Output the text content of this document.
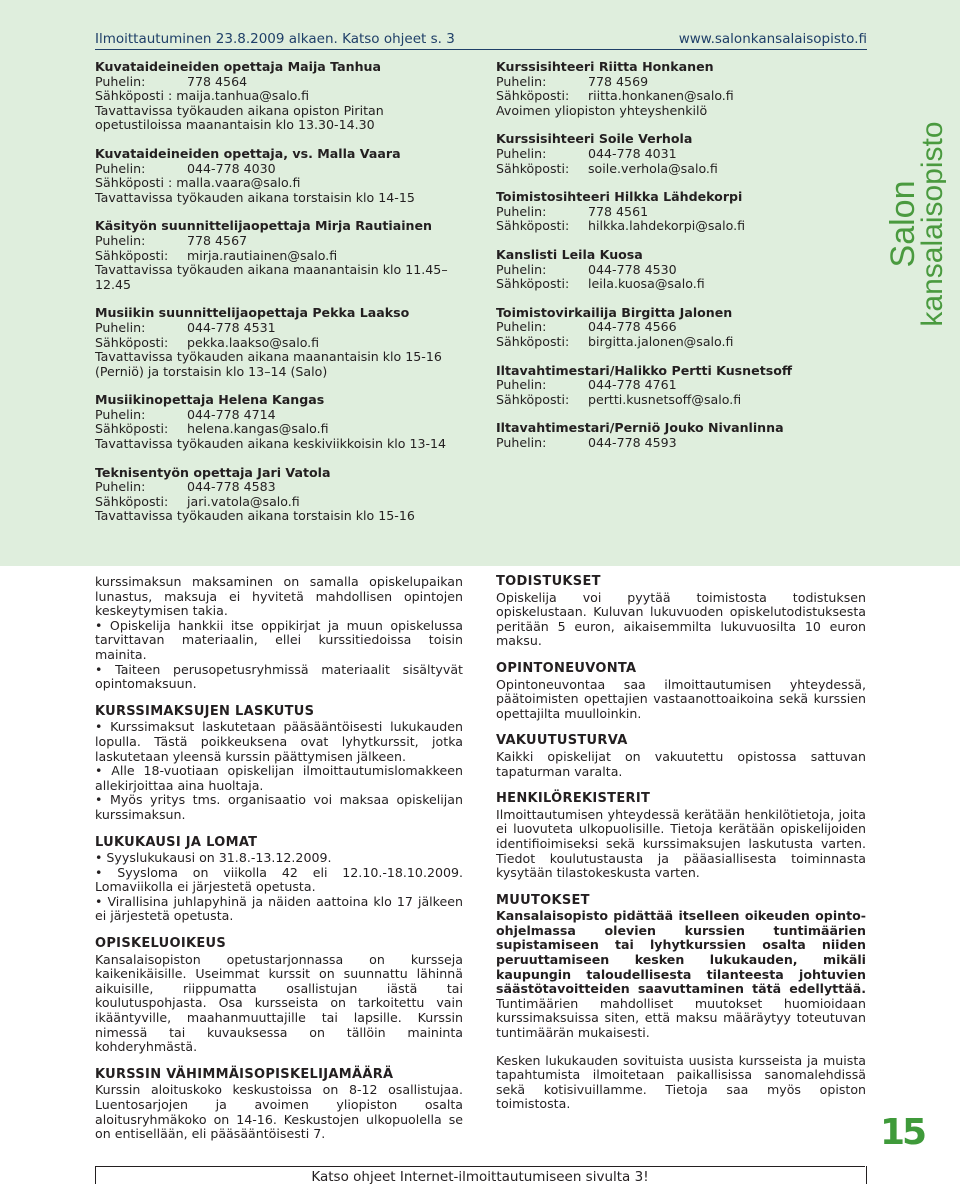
Ilmoittautuminen 23.8.2009 alkaen. Katso ohjeet s. 3	www.salonkansalaisopisto.fi
Kuvataideineiden opettaja Maija Tanhua
Puhelin:	778 4564
Sähköposti : maija.tanhua@salo.fi
Tavattavissa työkauden aikana opiston Piritan opetustiloissa maanantaisin klo 13.30-14.30
Kuvataideineiden opettaja, vs. Malla Vaara
Puhelin:	044-778 4030
Sähköposti : malla.vaara@salo.fi
Tavattavissa työkauden aikana torstaisin klo 14-15
Käsityön suunnittelijaopettaja Mirja Rautiainen
Puhelin:	778 4567
Sähköposti: mirja.rautiainen@salo.fi
Tavattavissa työkauden aikana maanantaisin klo 11.45–12.45
Musiikin suunnittelijaopettaja Pekka Laakso
Puhelin:	044-778 4531
Sähköposti: pekka.laakso@salo.fi
Tavattavissa työkauden aikana maanantaisin klo 15-16 (Perniö) ja torstaisin klo 13–14 (Salo)
Musiikinopettaja Helena Kangas
Puhelin:	044-778 4714
Sähköposti: helena.kangas@salo.fi
Tavattavissa työkauden aikana keskiviikkoisin klo 13-14
Teknisentyön opettaja Jari Vatola
Puhelin:	044-778 4583
Sähköposti: jari.vatola@salo.fi
Tavattavissa työkauden aikana torstaisin klo 15-16
Kurssisihteeri Riitta Honkanen
Puhelin:	778 4569
Sähköposti: riitta.honkanen@salo.fi
Avoimen yliopiston yhteyshenkilö
Kurssisihteeri Soile Verhola
Puhelin:	044-778 4031
Sähköposti: soile.verhola@salo.fi
Toimistosihteeri Hilkka Lähdekorpi
Puhelin:	778 4561
Sähköposti: hilkka.lahdekorpi@salo.fi
Kanslisti Leila Kuosa
Puhelin:	044-778 4530
Sähköposti: leila.kuosa@salo.fi
Toimistovirkailija Birgitta Jalonen
Puhelin:	044-778 4566
Sähköposti: birgitta.jalonen@salo.fi
Iltavahtimestari/Halikko Pertti Kusnetsoff
Puhelin:	044-778 4761
Sähköposti: pertti.kusnetsoff@salo.fi
Iltavahtimestari/Perniö Jouko Nivanlinna
Puhelin:	044-778 4593
Salon
kansalaisopisto

kurssimaksun maksaminen on samalla opiskelupaikan lunastus, maksuja ei hyvitetä mahdollisen opintojen keskeytymisen takia.

• Opiskelija hankkii itse oppikirjat ja muun opiskelussa tarvittavan materiaalin, ellei kurssitiedoissa toisin mainita.

• Taiteen perusopetusryhmissä materiaalit sisältyvät opintomaksuun.

KURSSIMAKSUJEN LASKUTUS

• Kurssimaksut laskutetaan pääsääntöisesti lukukauden lopulla. Tästä poikkeuksena ovat lyhytkurssit, jotka laskutetaan yleensä kurssin päättymisen jälkeen.

• Alle 18-vuotiaan opiskelijan ilmoittautumislomakkeen allekirjoittaa aina huoltaja.

• Myös yritys tms. organisaatio voi maksaa opiskelijan kurssimaksun.

LUKUKAUSI JA LOMAT

• Syyslukukausi on 31.8.-13.12.2009.

• Syysloma on viikolla 42 eli 12.10.-18.10.2009. Lomaviikolla ei järjestetä opetusta.

• Virallisina juhlapyhinä ja näiden aattoina klo 17 jälkeen ei järjestetä opetusta.

OPISKELUOIKEUS

Kansalaisopiston opetustarjonnassa on kursseja kaikenikäisille. Useimmat kurssit on suunnattu lähinnä aikuisille, riippumatta osallistujan iästä tai koulutuspohjasta. Osa kursseista on tarkoitettu vain ikääntyville, maahanmuuttajille tai lapsille. Kurssin nimessä tai kuvauksessa on tällöin maininta kohderyhmästä.

KURSSIN VÄHIMMÄISOPISKELIJAMÄÄRÄ

Kurssin aloituskoko keskustoissa on 8-12 osallistujaa. Luentosarjojen ja avoimen yliopiston osalta aloitusryhmäkoko on 14-16. Keskustojen ulkopuolella se on entisellään, eli pääsääntöisesti 7.

TODISTUKSET

Opiskelija voi pyytää toimistosta todistuksen opiskelustaan. Kuluvan lukuvuoden opiskelutodistuksesta peritään 5 euron, aikaisemmilta lukuvuosilta 10 euron maksu.

OPINTONEUVONTA

Opintoneuvontaa saa ilmoittautumisen yhteydessä, päätoimisten opettajien vastaanottoaikoina sekä kurssien opettajilta muulloinkin.

VAKUUTUSTURVA

Kaikki opiskelijat on vakuutettu opistossa sattuvan tapaturman varalta.

HENKILÖREKISTERIT

Ilmoittautumisen yhteydessä kerätään henkilötietoja, joita ei luovuteta ulkopuolisille. Tietoja kerätään opiskelijoiden identifioimiseksi sekä kurssimaksujen laskutusta varten. Tiedot koulutustausta ja pääasiallisesta toiminnasta kysytään tilastokeskusta varten.

MUUTOKSET

Kansalaisopisto pidättää itselleen oikeuden opinto-ohjelmassa olevien kurssien tuntimäärien supistamiseen tai lyhytkurssien osalta niiden peruuttamiseen kesken lukukauden, mikäli kaupungin taloudellisesta tilanteesta johtuvien säästötavoitteiden saavuttaminen tätä edellyttää. Tuntimäärien mahdolliset muutokset huomioidaan kurssimaksuissa siten, että maksu määräytyy toteutuvan tuntimäärän mukaisesti.

Kesken lukukauden sovituista uusista kursseista ja muista tapahtumista ilmoitetaan paikallisissa sanomalehdissä sekä kotisivuillamme. Tietoja saa myös opiston toimistosta.

15
Katso ohjeet Internet-ilmoittautumiseen sivulta 3!
